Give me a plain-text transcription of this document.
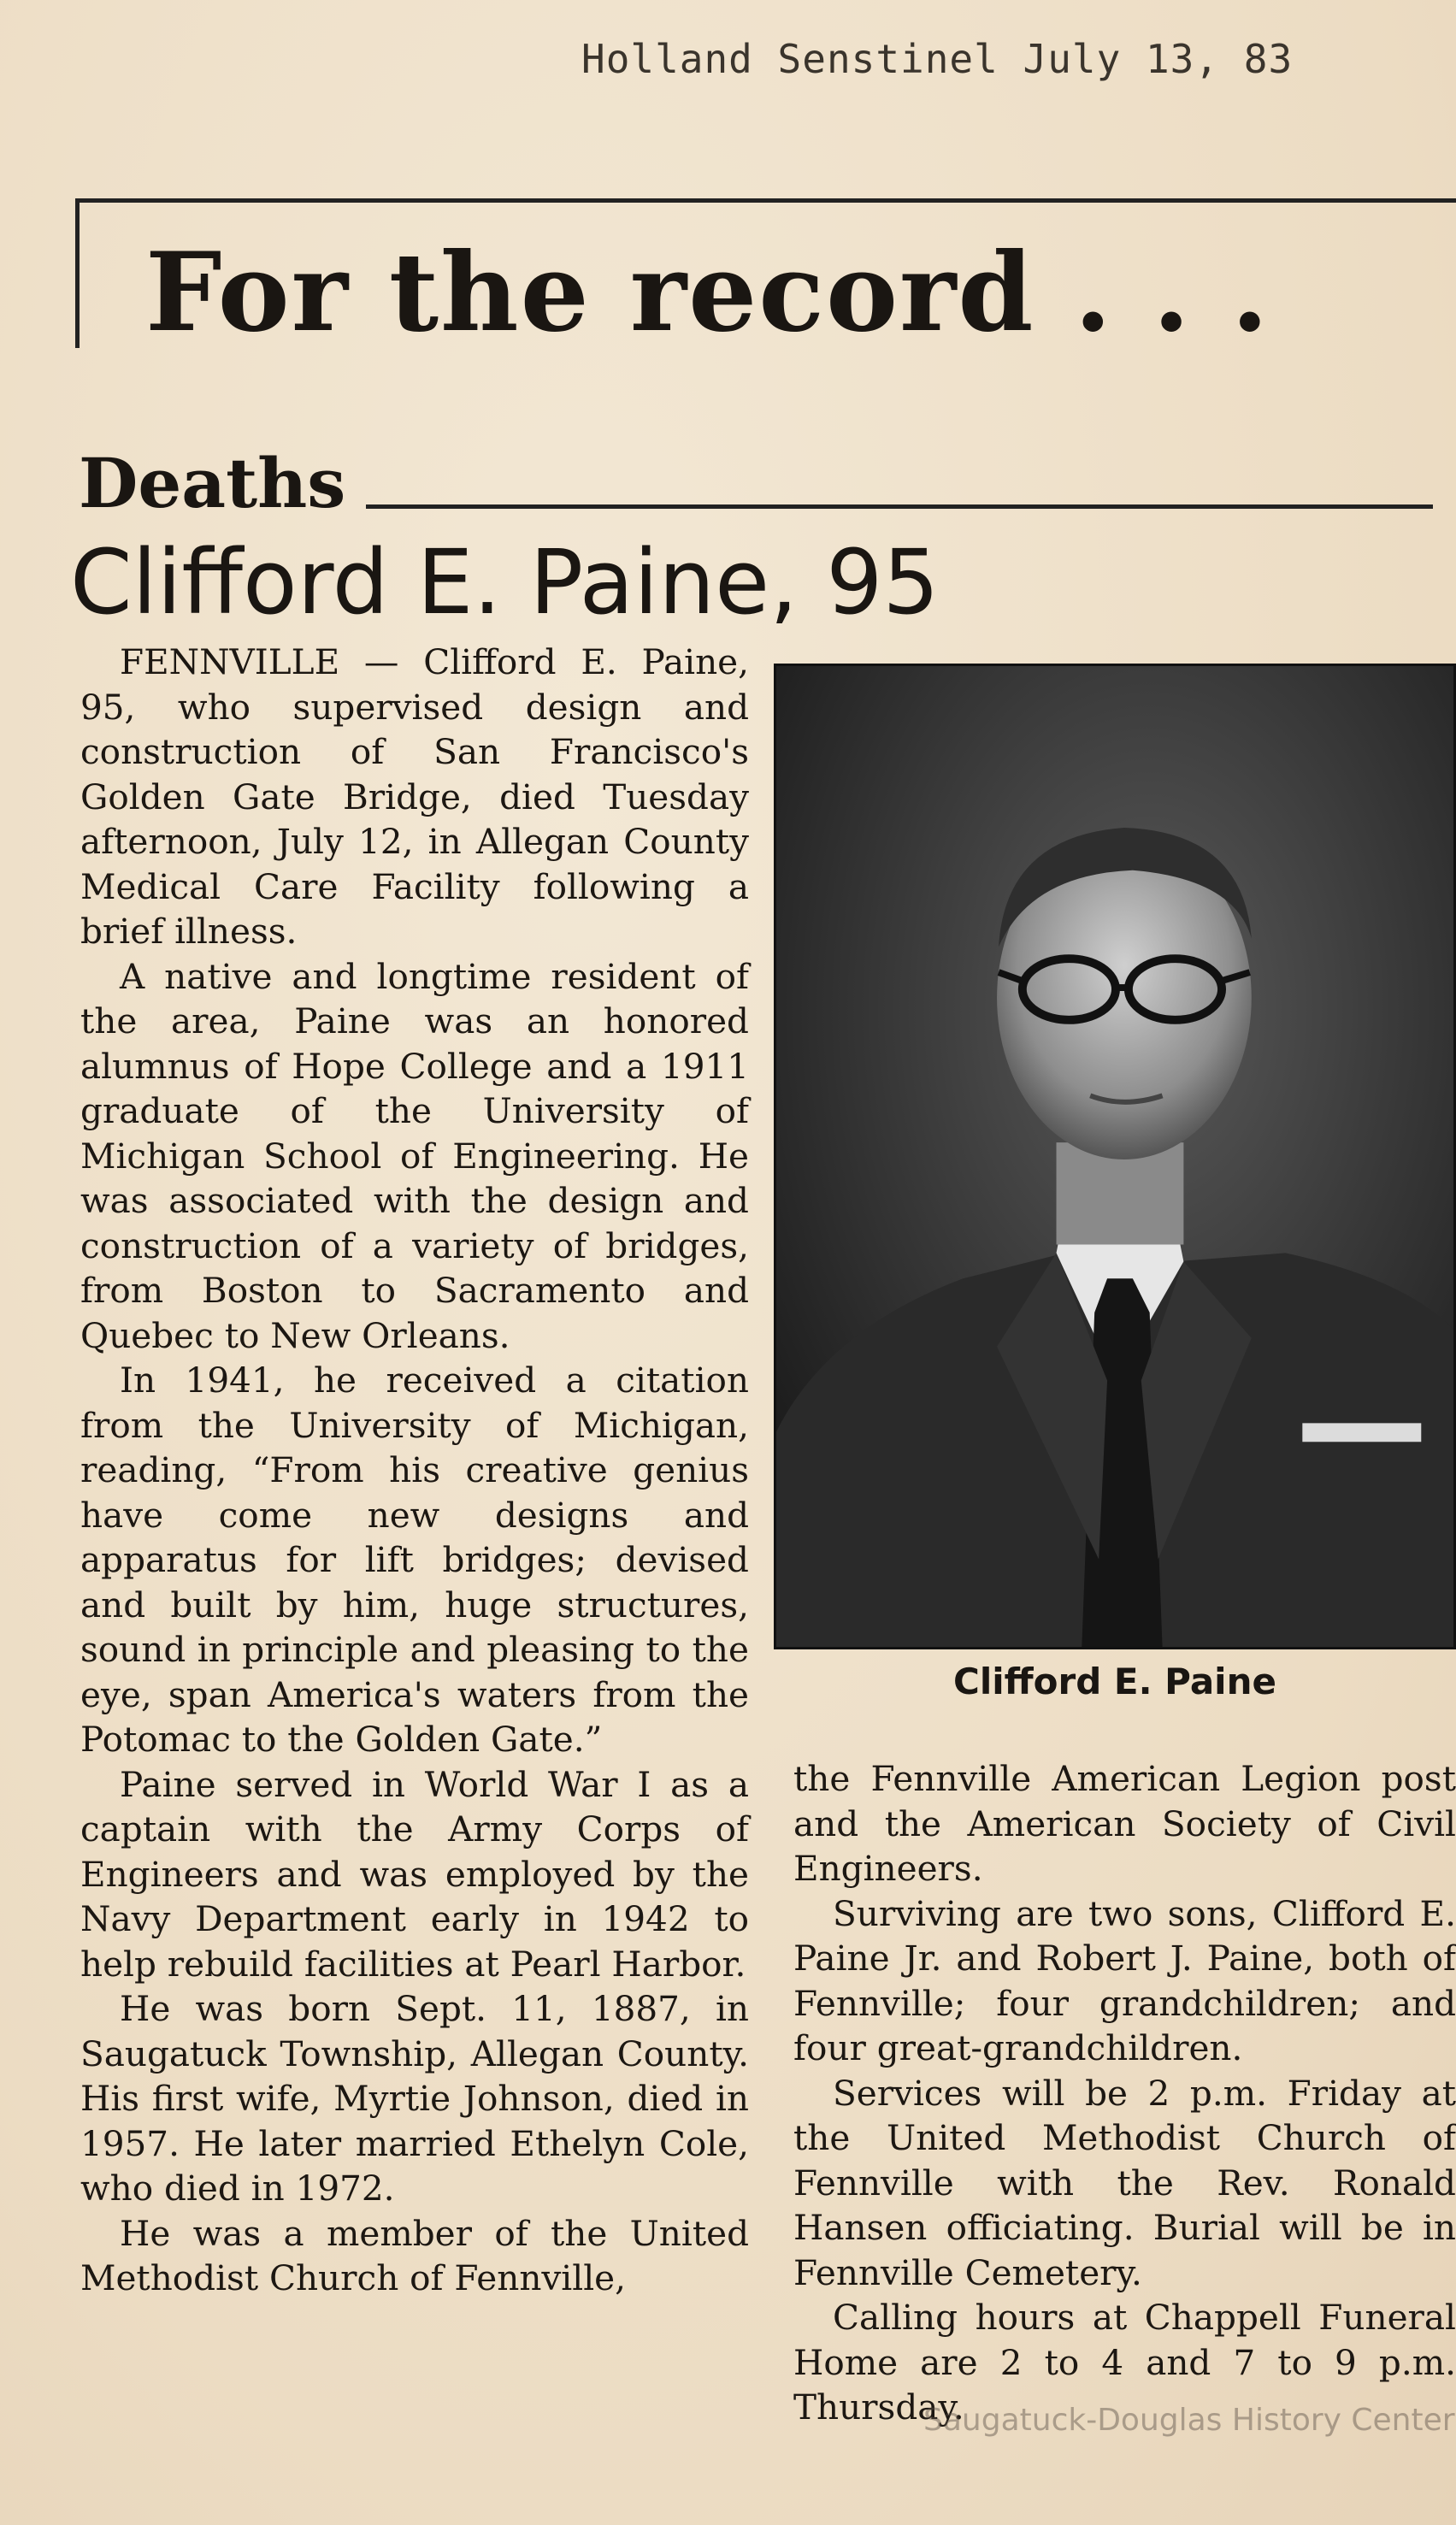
Holland Senstinel July 13, 83
For the record . . .
Deaths
Clifford E. Paine, 95

FENNVILLE — Clifford E. Paine, 95, who supervised design and construction of San Francisco's Golden Gate Bridge, died Tuesday afternoon, July 12, in Allegan County Medical Care Facility following a brief illness.

A native and longtime resident of the area, Paine was an honored alumnus of Hope College and a 1911 graduate of the University of Michigan School of Engineering. He was associated with the design and construction of a variety of bridges, from Boston to Sacramento and Quebec to New Orleans.

In 1941, he received a citation from the University of Michigan, reading, “From his creative genius have come new designs and apparatus for lift bridges; devised and built by him, huge structures, sound in principle and pleasing to the eye, span America's waters from the Potomac to the Golden Gate.”

Paine served in World War I as a captain with the Army Corps of Engineers and was employed by the Navy Department early in 1942 to help rebuild facilities at Pearl Harbor.

He was born Sept. 11, 1887, in Saugatuck Township, Allegan County. His first wife, Myrtie Johnson, died in 1957. He later married Ethelyn Cole, who died in 1972.

He was a member of the United Methodist Church of Fennville,

Clifford E. Paine

the Fennville American Legion post and the American Society of Civil Engineers.

Surviving are two sons, Clifford E. Paine Jr. and Robert J. Paine, both of Fennville; four grandchildren; and four great-grandchildren.

Services will be 2 p.m. Friday at the United Methodist Church of Fennville with the Rev. Ronald Hansen officiating. Burial will be in Fennville Cemetery.

Calling hours at Chappell Funeral Home are 2 to 4 and 7 to 9 p.m. Thursday.

Saugatuck-Douglas History Center
